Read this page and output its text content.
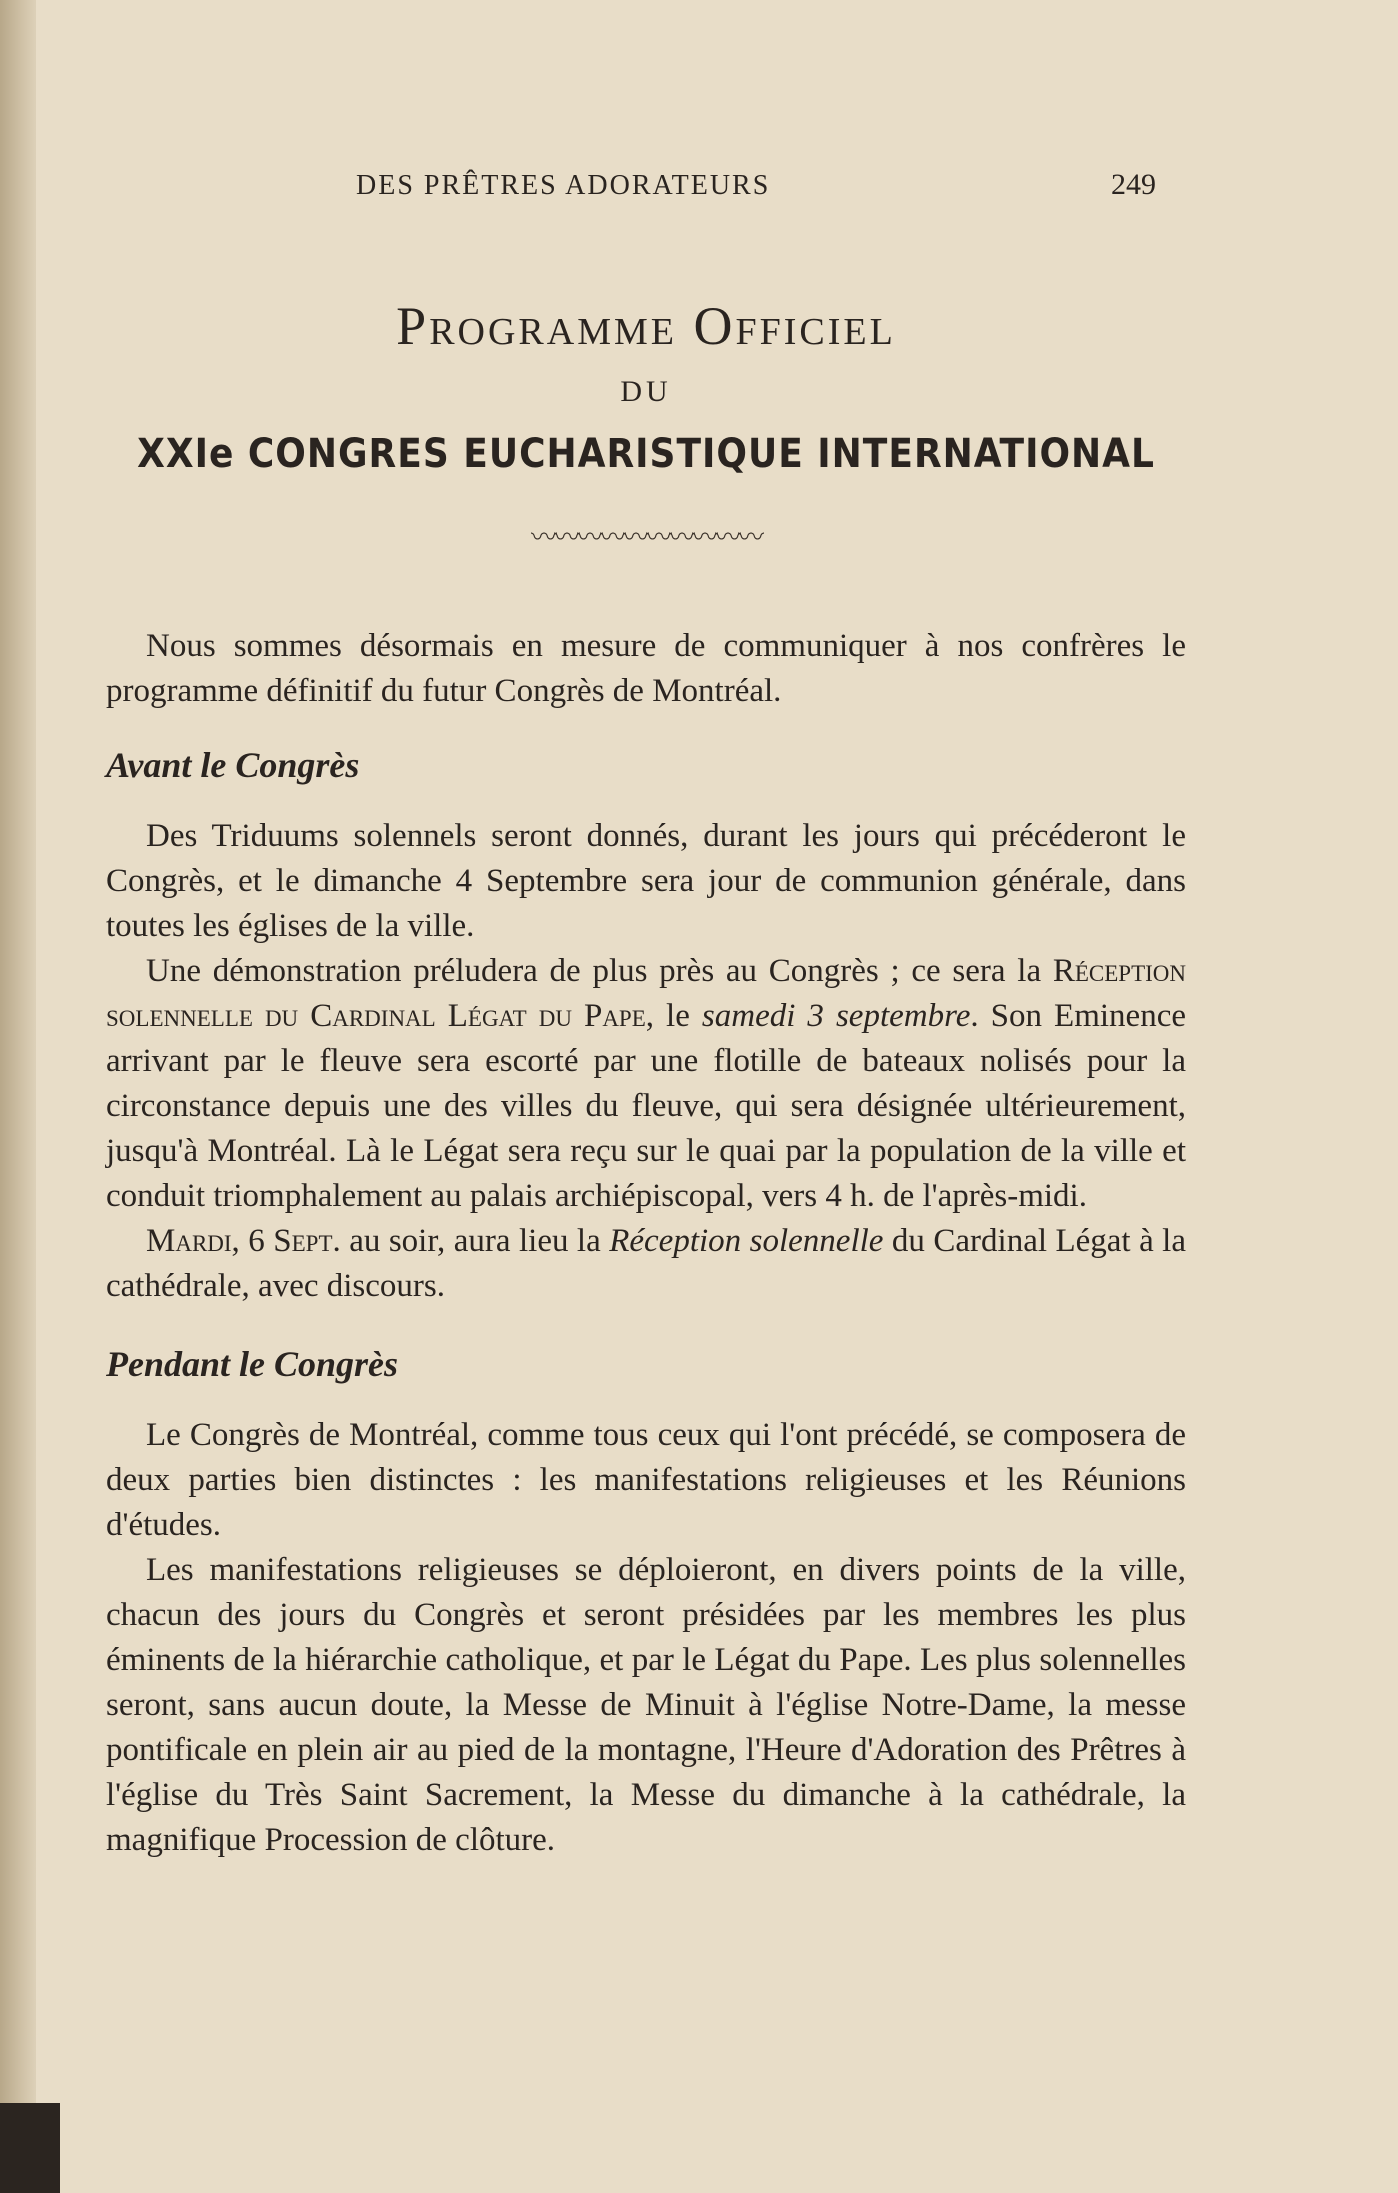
DES PRÊTRES ADORATEURS	249
Programme Officiel
DU
XXIe CONGRES EUCHARISTIQUE INTERNATIONAL
〰〰〰〰〰〰〰〰〰〰

Nous sommes désormais en mesure de communiquer à nos confrères le programme définitif du futur Congrès de Montréal.

Avant le Congrès

Des Triduums solennels seront donnés, durant les jours qui précéderont le Congrès, et le dimanche 4 Septembre sera jour de communion générale, dans toutes les églises de la ville.

Une démonstration préludera de plus près au Congrès ; ce sera la Réception solennelle du Cardinal Légat du Pape, le samedi 3 septembre. Son Eminence arrivant par le fleuve sera escorté par une flotille de bateaux nolisés pour la circonstance depuis une des villes du fleuve, qui sera désignée ultérieurement, jusqu'à Montréal. Là le Légat sera reçu sur le quai par la population de la ville et conduit triomphalement au palais archiépiscopal, vers 4 h. de l'après-midi.

Mardi, 6 Sept. au soir, aura lieu la Réception solennelle du Cardinal Légat à la cathédrale, avec discours.

Pendant le Congrès

Le Congrès de Montréal, comme tous ceux qui l'ont précédé, se composera de deux parties bien distinctes : les manifestations religieuses et les Réunions d'études.

Les manifestations religieuses se déploieront, en divers points de la ville, chacun des jours du Congrès et seront présidées par les membres les plus éminents de la hiérarchie catholique, et par le Légat du Pape. Les plus solennelles seront, sans aucun doute, la Messe de Minuit à l'église Notre-Dame, la messe pontificale en plein air au pied de la montagne, l'Heure d'Adoration des Prêtres à l'église du Très Saint Sacrement, la Messe du dimanche à la cathédrale, la magnifique Procession de clôture.
